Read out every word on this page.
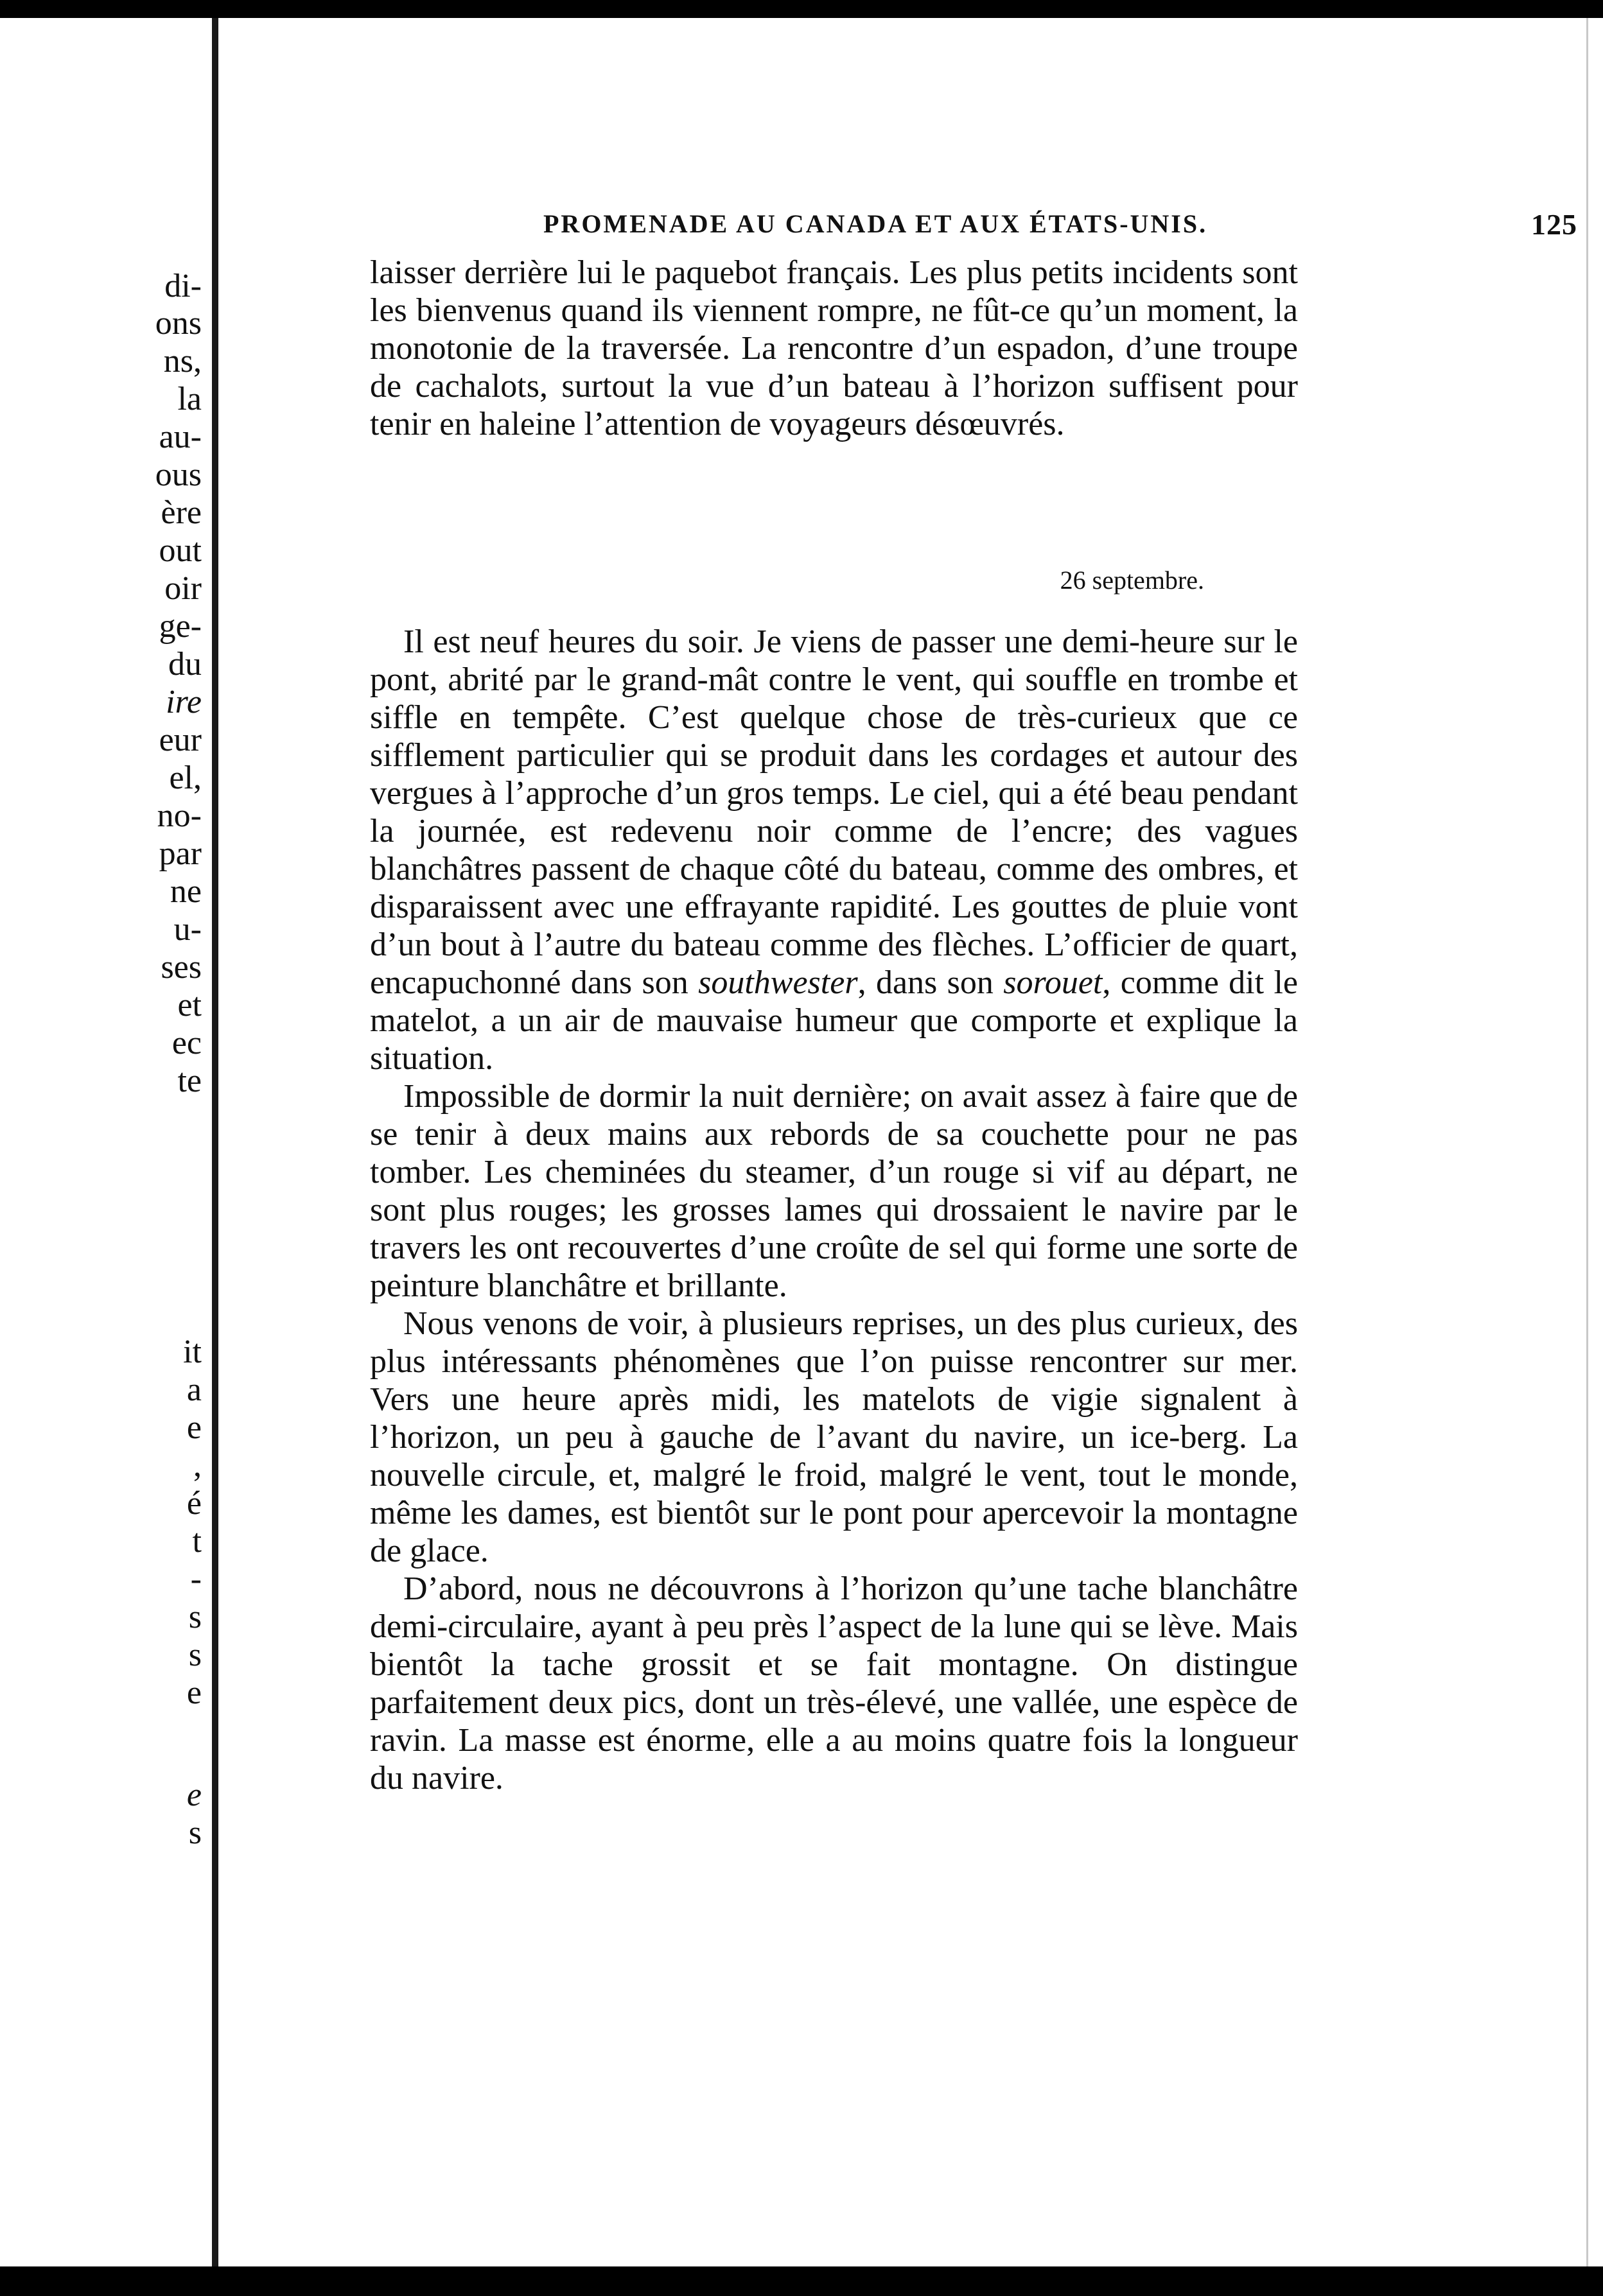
di-
ons
ns,
la
au-
ous
ère
out
oir
ge-
du
ire
eur
el,
no-
par
ne
u-
ses
et
ec
te
it
a
e
,
é
t
-
s
s
e
e
s
PROMENADE AU CANADA ET AUX ÉTATS-UNIS.	125

laisser derrière lui le paquebot français. Les plus petits incidents sont les bienvenus quand ils viennent rompre, ne fût-ce qu’un moment, la monotonie de la traversée. La rencontre d’un espadon, d’une troupe de cachalots, surtout la vue d’un bateau à l’horizon suffisent pour tenir en haleine l’attention de voyageurs désœuvrés.

26 septembre.

Il est neuf heures du soir. Je viens de passer une demi-heure sur le pont, abrité par le grand-mât contre le vent, qui souffle en trombe et siffle en tempête. C’est quelque chose de très-curieux que ce sifflement particulier qui se produit dans les cordages et autour des vergues à l’approche d’un gros temps. Le ciel, qui a été beau pendant la journée, est redevenu noir comme de l’encre; des vagues blanchâtres passent de chaque côté du bateau, comme des ombres, et disparaissent avec une effrayante rapidité. Les gouttes de pluie vont d’un bout à l’autre du bateau comme des flèches. L’officier de quart, encapuchonné dans son southwester, dans son sorouet, comme dit le matelot, a un air de mauvaise humeur que comporte et explique la situation.

Impossible de dormir la nuit dernière; on avait assez à faire que de se tenir à deux mains aux rebords de sa couchette pour ne pas tomber. Les cheminées du steamer, d’un rouge si vif au départ, ne sont plus rouges; les grosses lames qui drossaient le navire par le travers les ont recouvertes d’une croûte de sel qui forme une sorte de peinture blanchâtre et brillante.

Nous venons de voir, à plusieurs reprises, un des plus curieux, des plus intéressants phénomènes que l’on puisse rencontrer sur mer. Vers une heure après midi, les matelots de vigie signalent à l’horizon, un peu à gauche de l’avant du navire, un ice-berg. La nouvelle circule, et, malgré le froid, malgré le vent, tout le monde, même les dames, est bientôt sur le pont pour apercevoir la montagne de glace.

D’abord, nous ne découvrons à l’horizon qu’une tache blanchâtre demi-circulaire, ayant à peu près l’aspect de la lune qui se lève. Mais bientôt la tache grossit et se fait montagne. On distingue parfaitement deux pics, dont un très-élevé, une vallée, une espèce de ravin. La masse est énorme, elle a au moins quatre fois la longueur du navire.
